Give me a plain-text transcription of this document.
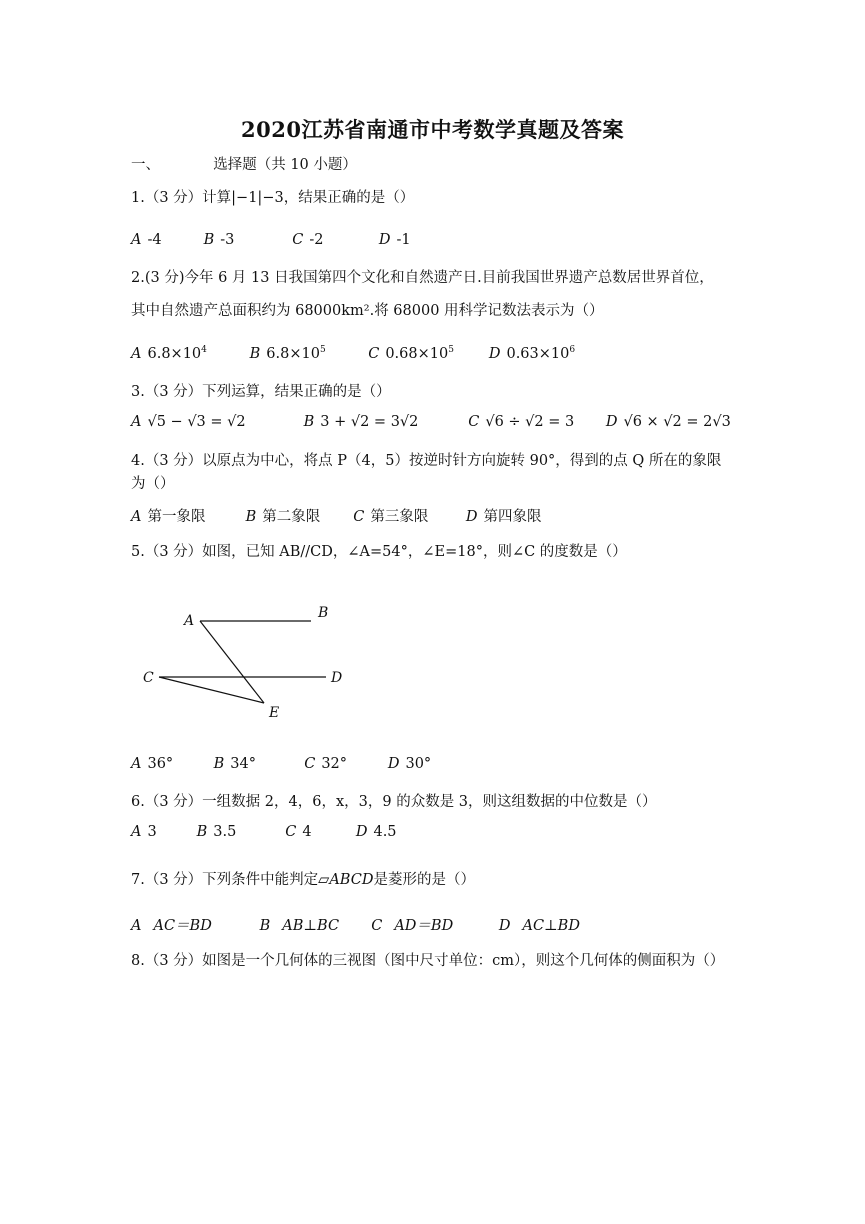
2020江苏省南通市中考数学真题及答案
一、	选择题（共 10 小题）
1.（3 分）计算|−1|−3，结果正确的是（）
A -4	B -3	C -2	D -1
2.(3 分)今年 6 月 13 日我国第四个文化和自然遗产日.目前我国世界遗产总数居世界首位，
其中自然遗产总面积约为 68000km².将 68000 用科学记数法表示为（）
A $6.8\times 10^4$	B $6.8\times 10^5$	C $0.68\times 10^5$ D $0.63\times 10^6$
3.（3 分）下列运算，结果正确的是（）
A √5 − √3 = √2	B 3 + √2 = 3√2	C √6 ÷ √2 = 3 D √6 × √2 = 2√3
4.（3 分）以原点为中心，将点 P（4，5）按逆时针方向旋转 90°，得到的点 Q 所在的象限
为（）
A 第一象限	B 第二象限 C 第三象限	D 第四象限
5.（3 分）如图，已知 AB//CD，∠A=54°，∠E=18°，则∠C 的度数是（）
A	B
C	D
E
A 36°	B 34°	C 32°	D 30°
6.（3 分）一组数据 2，4，6，x，3，9 的众数是 3，则这组数据的中位数是（）
A 3	B 3.5	C 4	D 4.5
7.（3 分）下列条件中能判定▱ABCD是菱形的是（）
A AC＝BD	B AB⊥BC C AD＝BD	D AC⊥BD
8.（3 分）如图是一个几何体的三视图（图中尺寸单位：cm），则这个几何体的侧面积为（）
